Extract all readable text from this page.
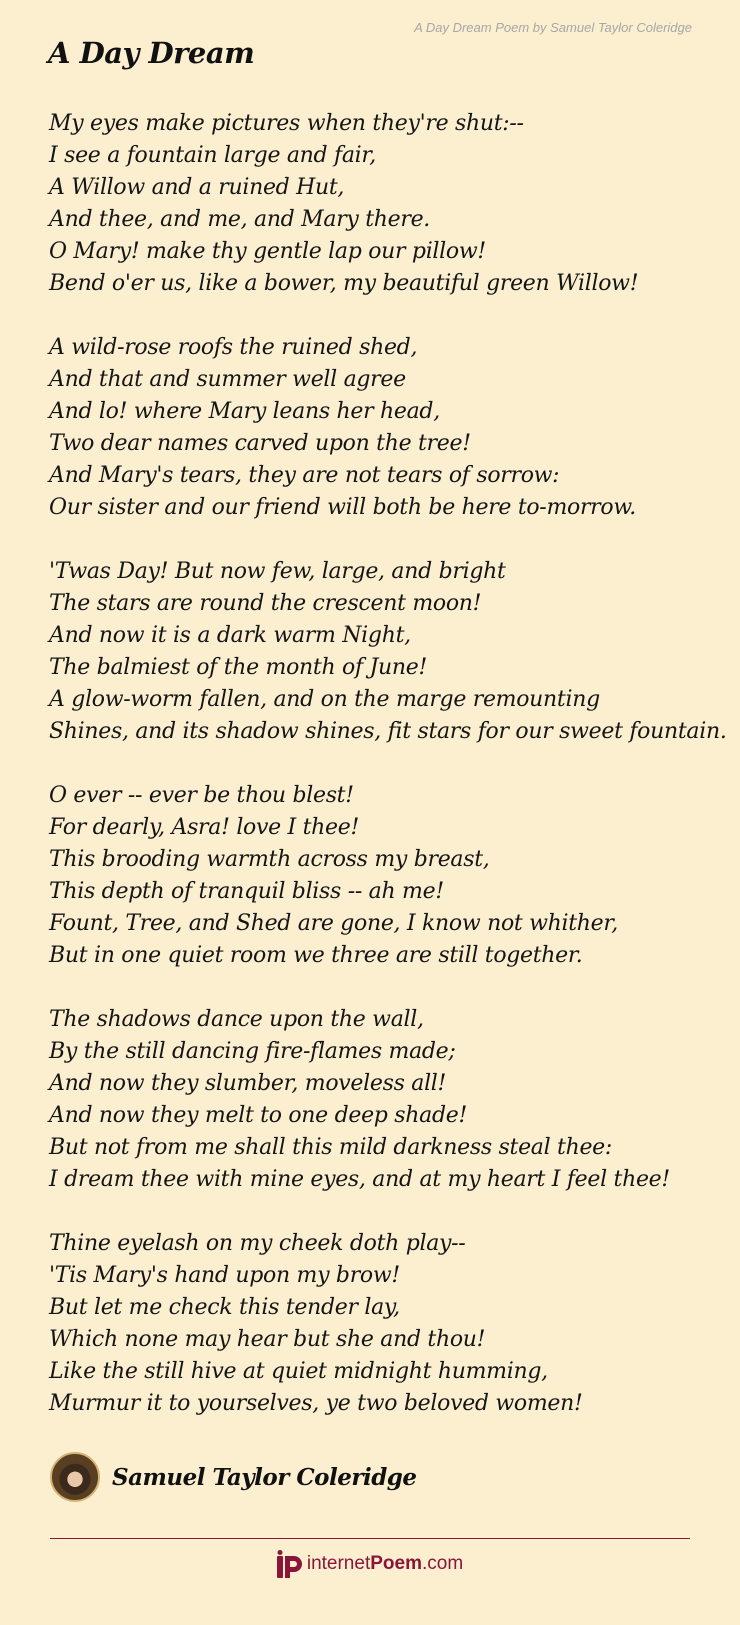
A Day Dream Poem by Samuel Taylor Coleridge
A Day Dream
My eyes make pictures when they're shut:--
I see a fountain large and fair,
A Willow and a ruined Hut,
And thee, and me, and Mary there.
O Mary! make thy gentle lap our pillow!
Bend o'er us, like a bower, my beautiful green Willow!
A wild-rose roofs the ruined shed,
And that and summer well agree
And lo! where Mary leans her head,
Two dear names carved upon the tree!
And Mary's tears, they are not tears of sorrow:
Our sister and our friend will both be here to-morrow.
'Twas Day! But now few, large, and bright
The stars are round the crescent moon!
And now it is a dark warm Night,
The balmiest of the month of June!
A glow-worm fallen, and on the marge remounting
Shines, and its shadow shines, fit stars for our sweet fountain.
O ever -- ever be thou blest!
For dearly, Asra! love I thee!
This brooding warmth across my breast,
This depth of tranquil bliss -- ah me!
Fount, Tree, and Shed are gone, I know not whither,
But in one quiet room we three are still together.
The shadows dance upon the wall,
By the still dancing fire-flames made;
And now they slumber, moveless all!
And now they melt to one deep shade!
But not from me shall this mild darkness steal thee:
I dream thee with mine eyes, and at my heart I feel thee!
Thine eyelash on my cheek doth play--
'Tis Mary's hand upon my brow!
But let me check this tender lay,
Which none may hear but she and thou!
Like the still hive at quiet midnight humming,
Murmur it to yourselves, ye two beloved women!
Samuel Taylor Coleridge
internet Poem .com
